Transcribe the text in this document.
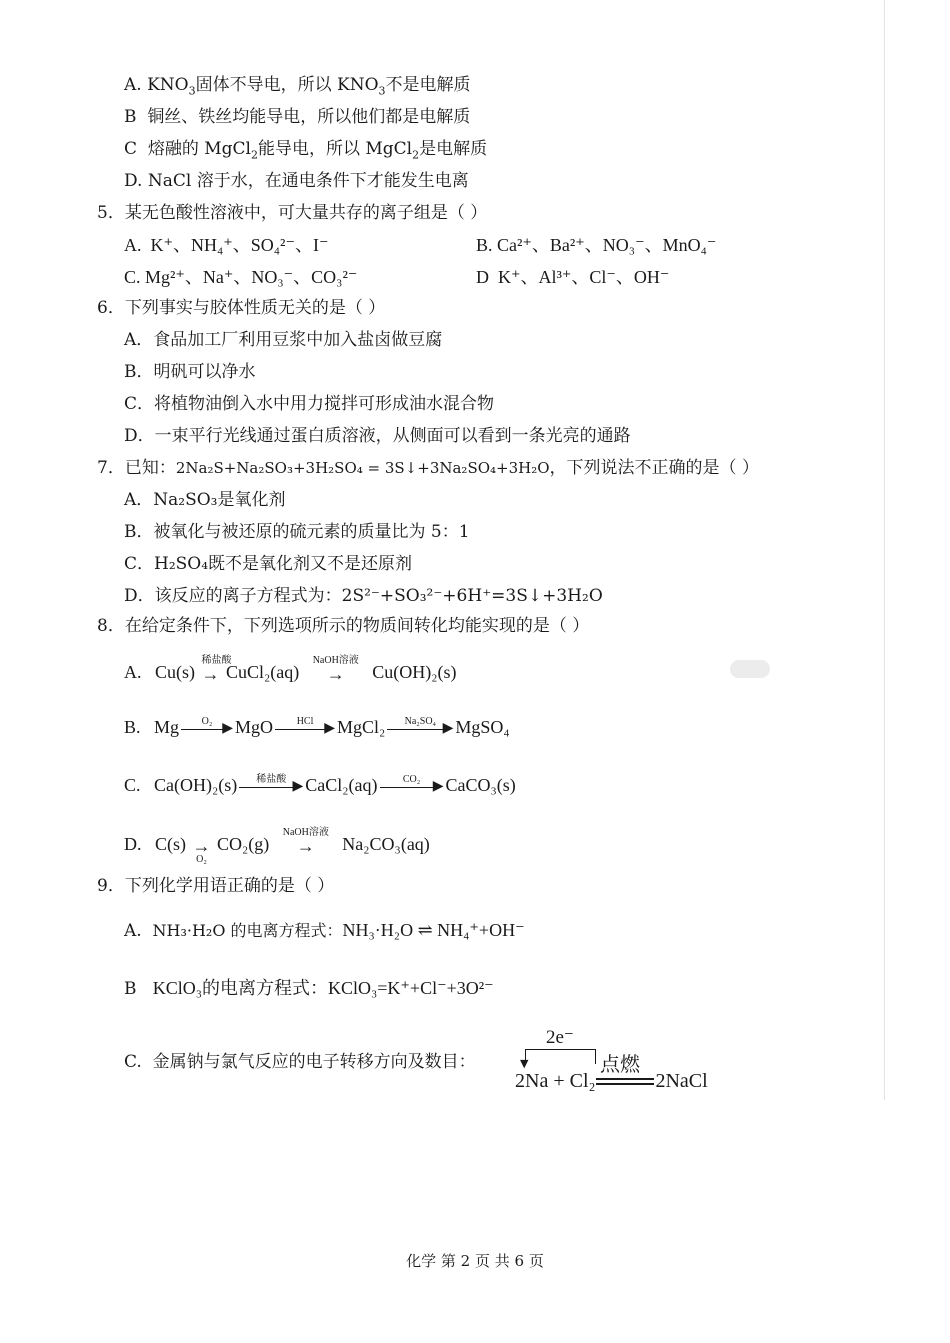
A. $KNO_3$固体不导电，所以 $KNO_3$不是电解质
B 铜丝、铁丝均能导电，所以他们都是电解质
C 熔融的 MgCl$_2$能导电，所以 MgCl$_2$是电解质
D. NaCl 溶于水，在通电条件下才能发生电离
5．某无色酸性溶液中，可大量共存的离子组是（ ）
A. K⁺、NH₄⁺、SO₄²⁻、I⁻	B. Ca²⁺、Ba²⁺、NO₃⁻、MnO₄⁻
C. Mg²⁺、Na⁺、NO₃⁻、CO₃²⁻	D K⁺、Al³⁺、Cl⁻、OH⁻
6．下列事实与胶体性质无关的是（ ）
A．食品加工厂利用豆浆中加入盐卤做豆腐
B．明矾可以净水
C．将植物油倒入水中用力搅拌可形成油水混合物
D．一束平行光线通过蛋白质溶液，从侧面可以看到一条光亮的通路
7．已知：2Na₂S+Na₂SO₃+3H₂SO₄ = 3S↓+3Na₂SO₄+3H₂O，下列说法不正确的是（ ）
A．Na₂SO₃是氧化剂
B．被氧化与被还原的硫元素的质量比为 5：1
C．H₂SO₄既不是氧化剂又不是还原剂
D．该反应的离子方程式为：2S²⁻+SO₃²⁻+6H⁺=3S↓+3H₂O
8．在给定条件下，下列选项所示的物质间转化均能实现的是（ ）
A. Cu(s)
稀盐酸
→ CuCl₂(aq)
NaOH溶液
→ Cu(OH)₂(s)
B. Mg	O₂ ▶ MgO	HCl ▶ MgCl₂	Na₂SO₄ ▶ MgSO₄
C. Ca(OH)₂(s)	稀盐酸 ▶ CaCl₂(aq)	CO₂ ▶ CaCO₃(s)
D. C(s) →
O₂
CO₂(g)
NaOH溶液
→ Na₂CO₃(aq)
9．下列化学用语正确的是（ ）
A. NH₃·H₂O 的电离方程式：NH₃·H₂O ⇌ NH₄⁺+OH⁻
B KClO₃的电离方程式：KClO₃=K⁺+Cl⁻+3O²⁻
C. 金属钠与氯气反应的电子转移方向及数目：
2e⁻
▼	点燃
2Na + Cl₂	2NaCl
化学 第 2 页 共 6 页
